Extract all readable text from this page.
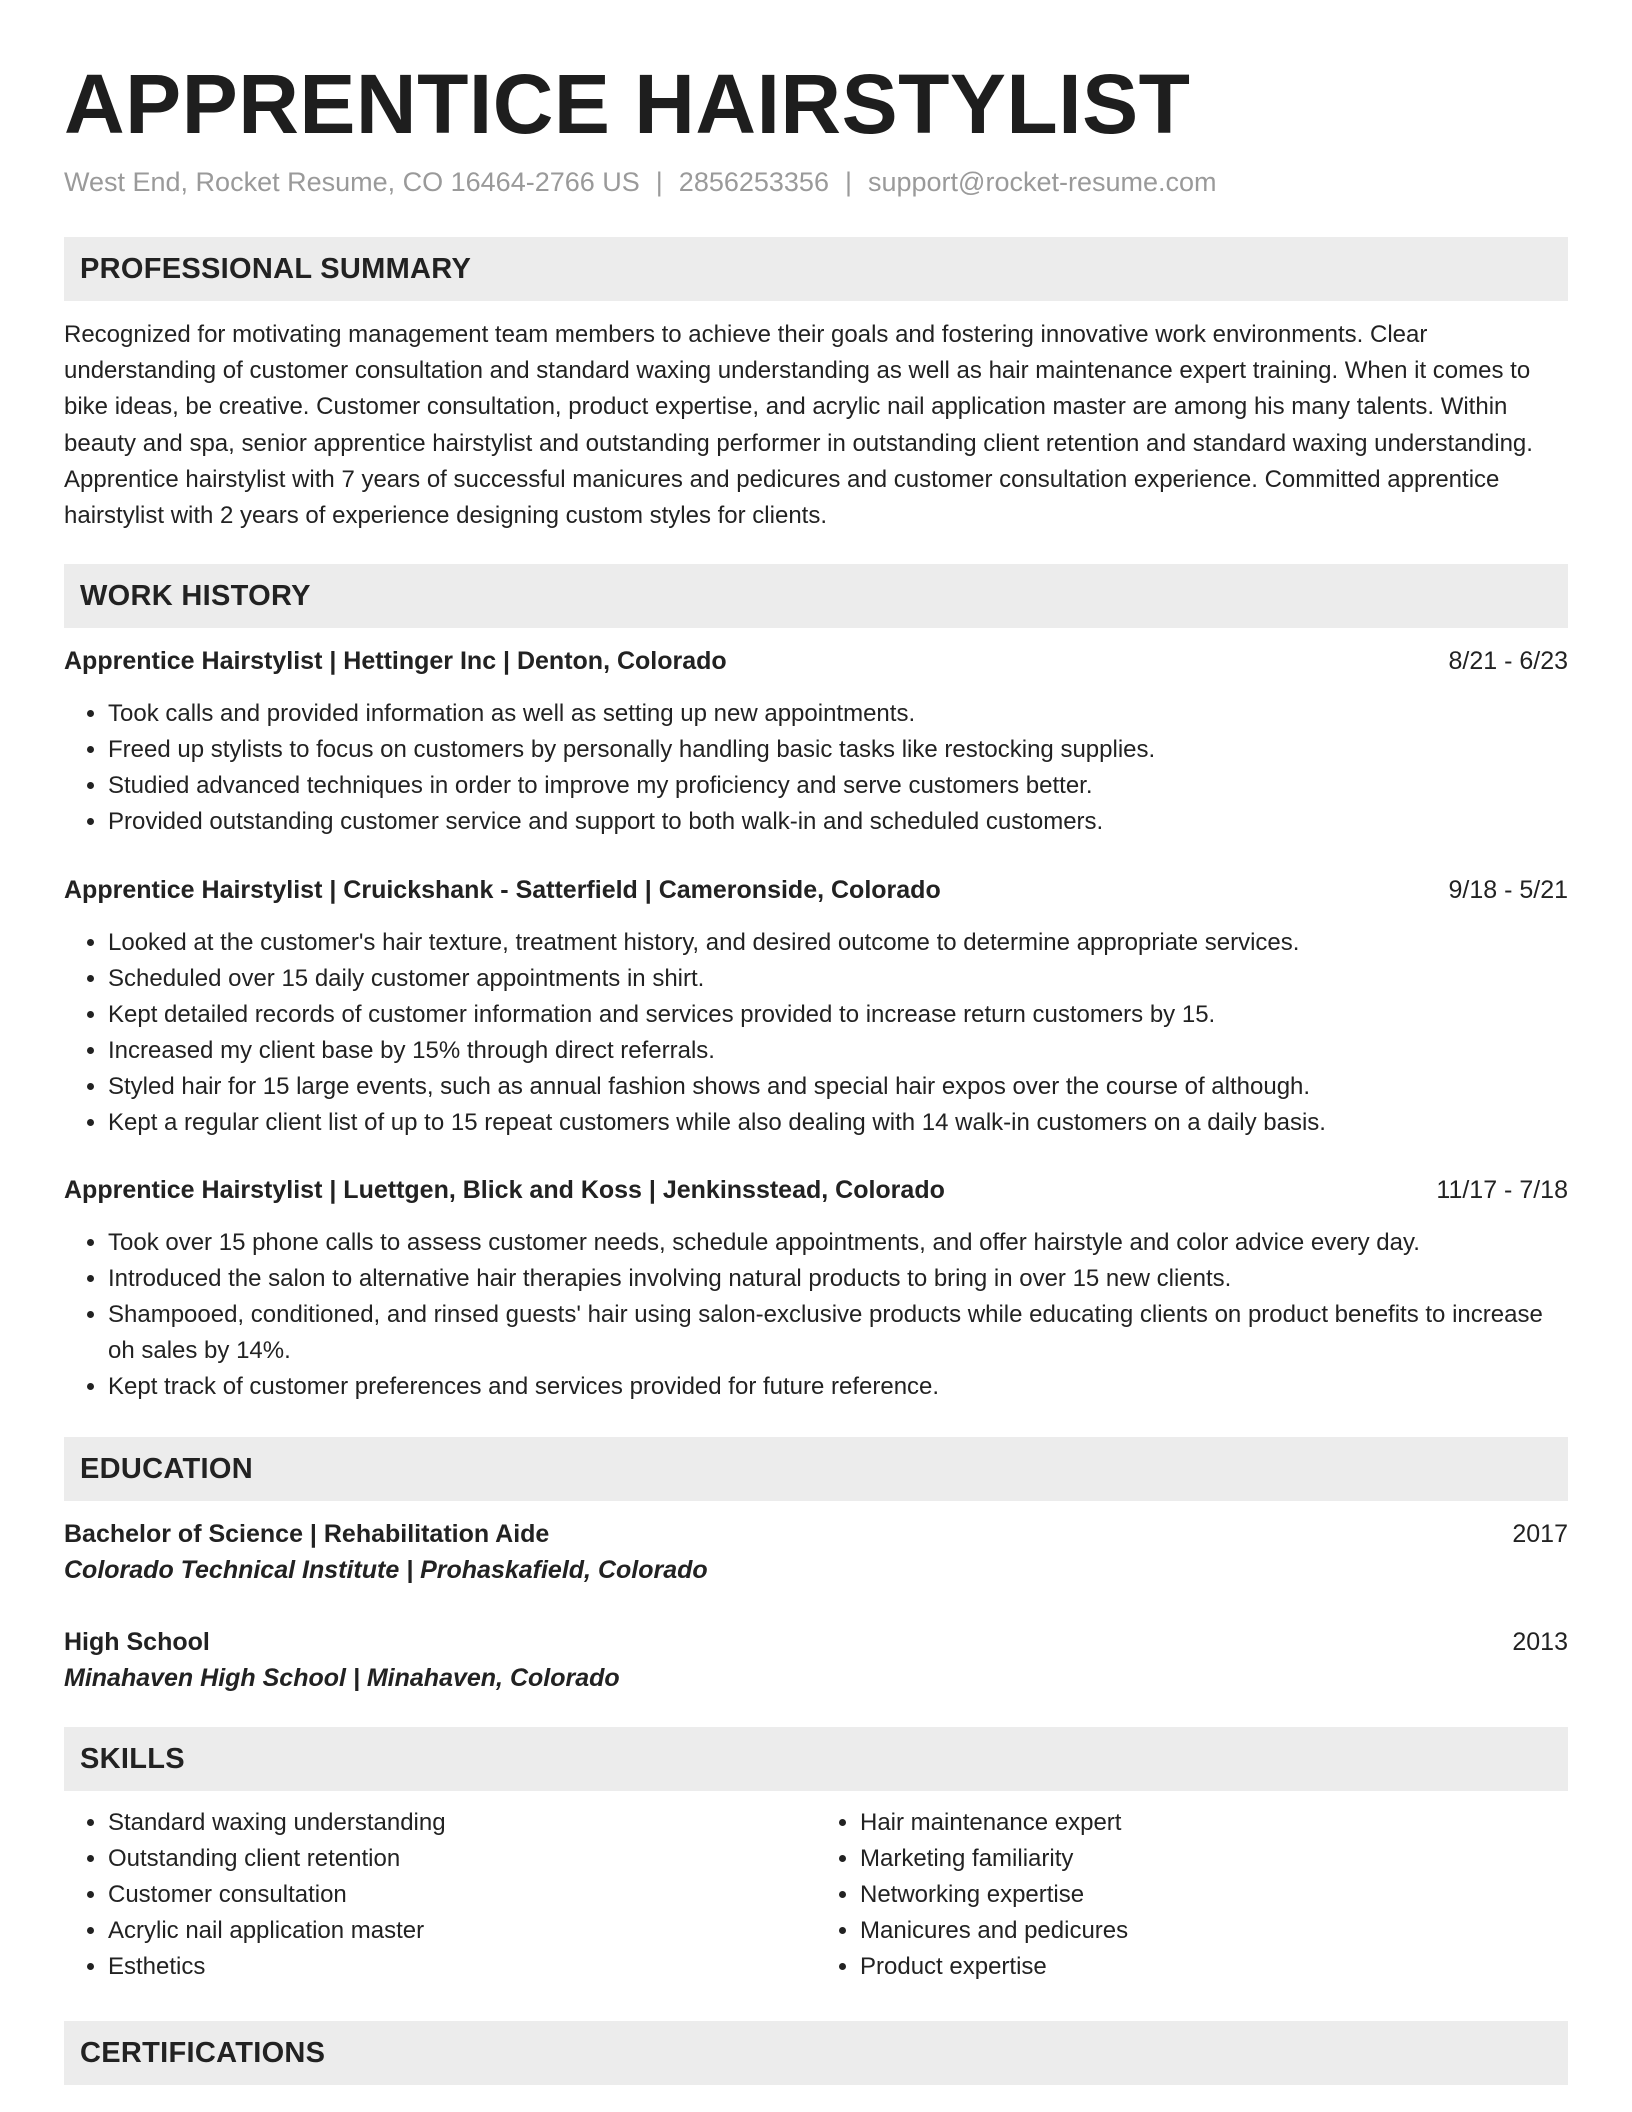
APPRENTICE HAIRSTYLIST
West End, Rocket Resume, CO 16464-2766 US | 2856253356 | support@rocket-resume.com
PROFESSIONAL SUMMARY

Recognized for motivating management team members to achieve their goals and fostering innovative work environments. Clear understanding of customer consultation and standard waxing understanding as well as hair maintenance expert training. When it comes to bike ideas, be creative. Customer consultation, product expertise, and acrylic nail application master are among his many talents. Within beauty and spa, senior apprentice hairstylist and outstanding performer in outstanding client retention and standard waxing understanding. Apprentice hairstylist with 7 years of successful manicures and pedicures and customer consultation experience. Committed apprentice hairstylist with 2 years of experience designing custom styles for clients.

WORK HISTORY
Apprentice Hairstylist | Hettinger Inc | Denton, Colorado	8/21 - 6/23
• Took calls and provided information as well as setting up new appointments.
• Freed up stylists to focus on customers by personally handling basic tasks like restocking supplies.
• Studied advanced techniques in order to improve my proficiency and serve customers better.
• Provided outstanding customer service and support to both walk-in and scheduled customers.
Apprentice Hairstylist | Cruickshank - Satterfield | Cameronside, Colorado	9/18 - 5/21
• Looked at the customer's hair texture, treatment history, and desired outcome to determine appropriate services.
• Scheduled over 15 daily customer appointments in shirt.
• Kept detailed records of customer information and services provided to increase return customers by 15.
• Increased my client base by 15% through direct referrals.
• Styled hair for 15 large events, such as annual fashion shows and special hair expos over the course of although.
• Kept a regular client list of up to 15 repeat customers while also dealing with 14 walk-in customers on a daily basis.
Apprentice Hairstylist | Luettgen, Blick and Koss | Jenkinsstead, Colorado	11/17 - 7/18
• Took over 15 phone calls to assess customer needs, schedule appointments, and offer hairstyle and color advice every day.
• Introduced the salon to alternative hair therapies involving natural products to bring in over 15 new clients.
• Shampooed, conditioned, and rinsed guests' hair using salon-exclusive products while educating clients on product benefits to increase oh sales by 14%.
• Kept track of customer preferences and services provided for future reference.
EDUCATION
Bachelor of Science | Rehabilitation Aide	2017
Colorado Technical Institute | Prohaskafield, Colorado
High School	2013
Minahaven High School | Minahaven, Colorado
SKILLS
• Standard waxing understanding
• Outstanding client retention
• Customer consultation
• Acrylic nail application master
• Esthetics
• Hair maintenance expert
• Marketing familiarity
• Networking expertise
• Manicures and pedicures
• Product expertise
CERTIFICATIONS
